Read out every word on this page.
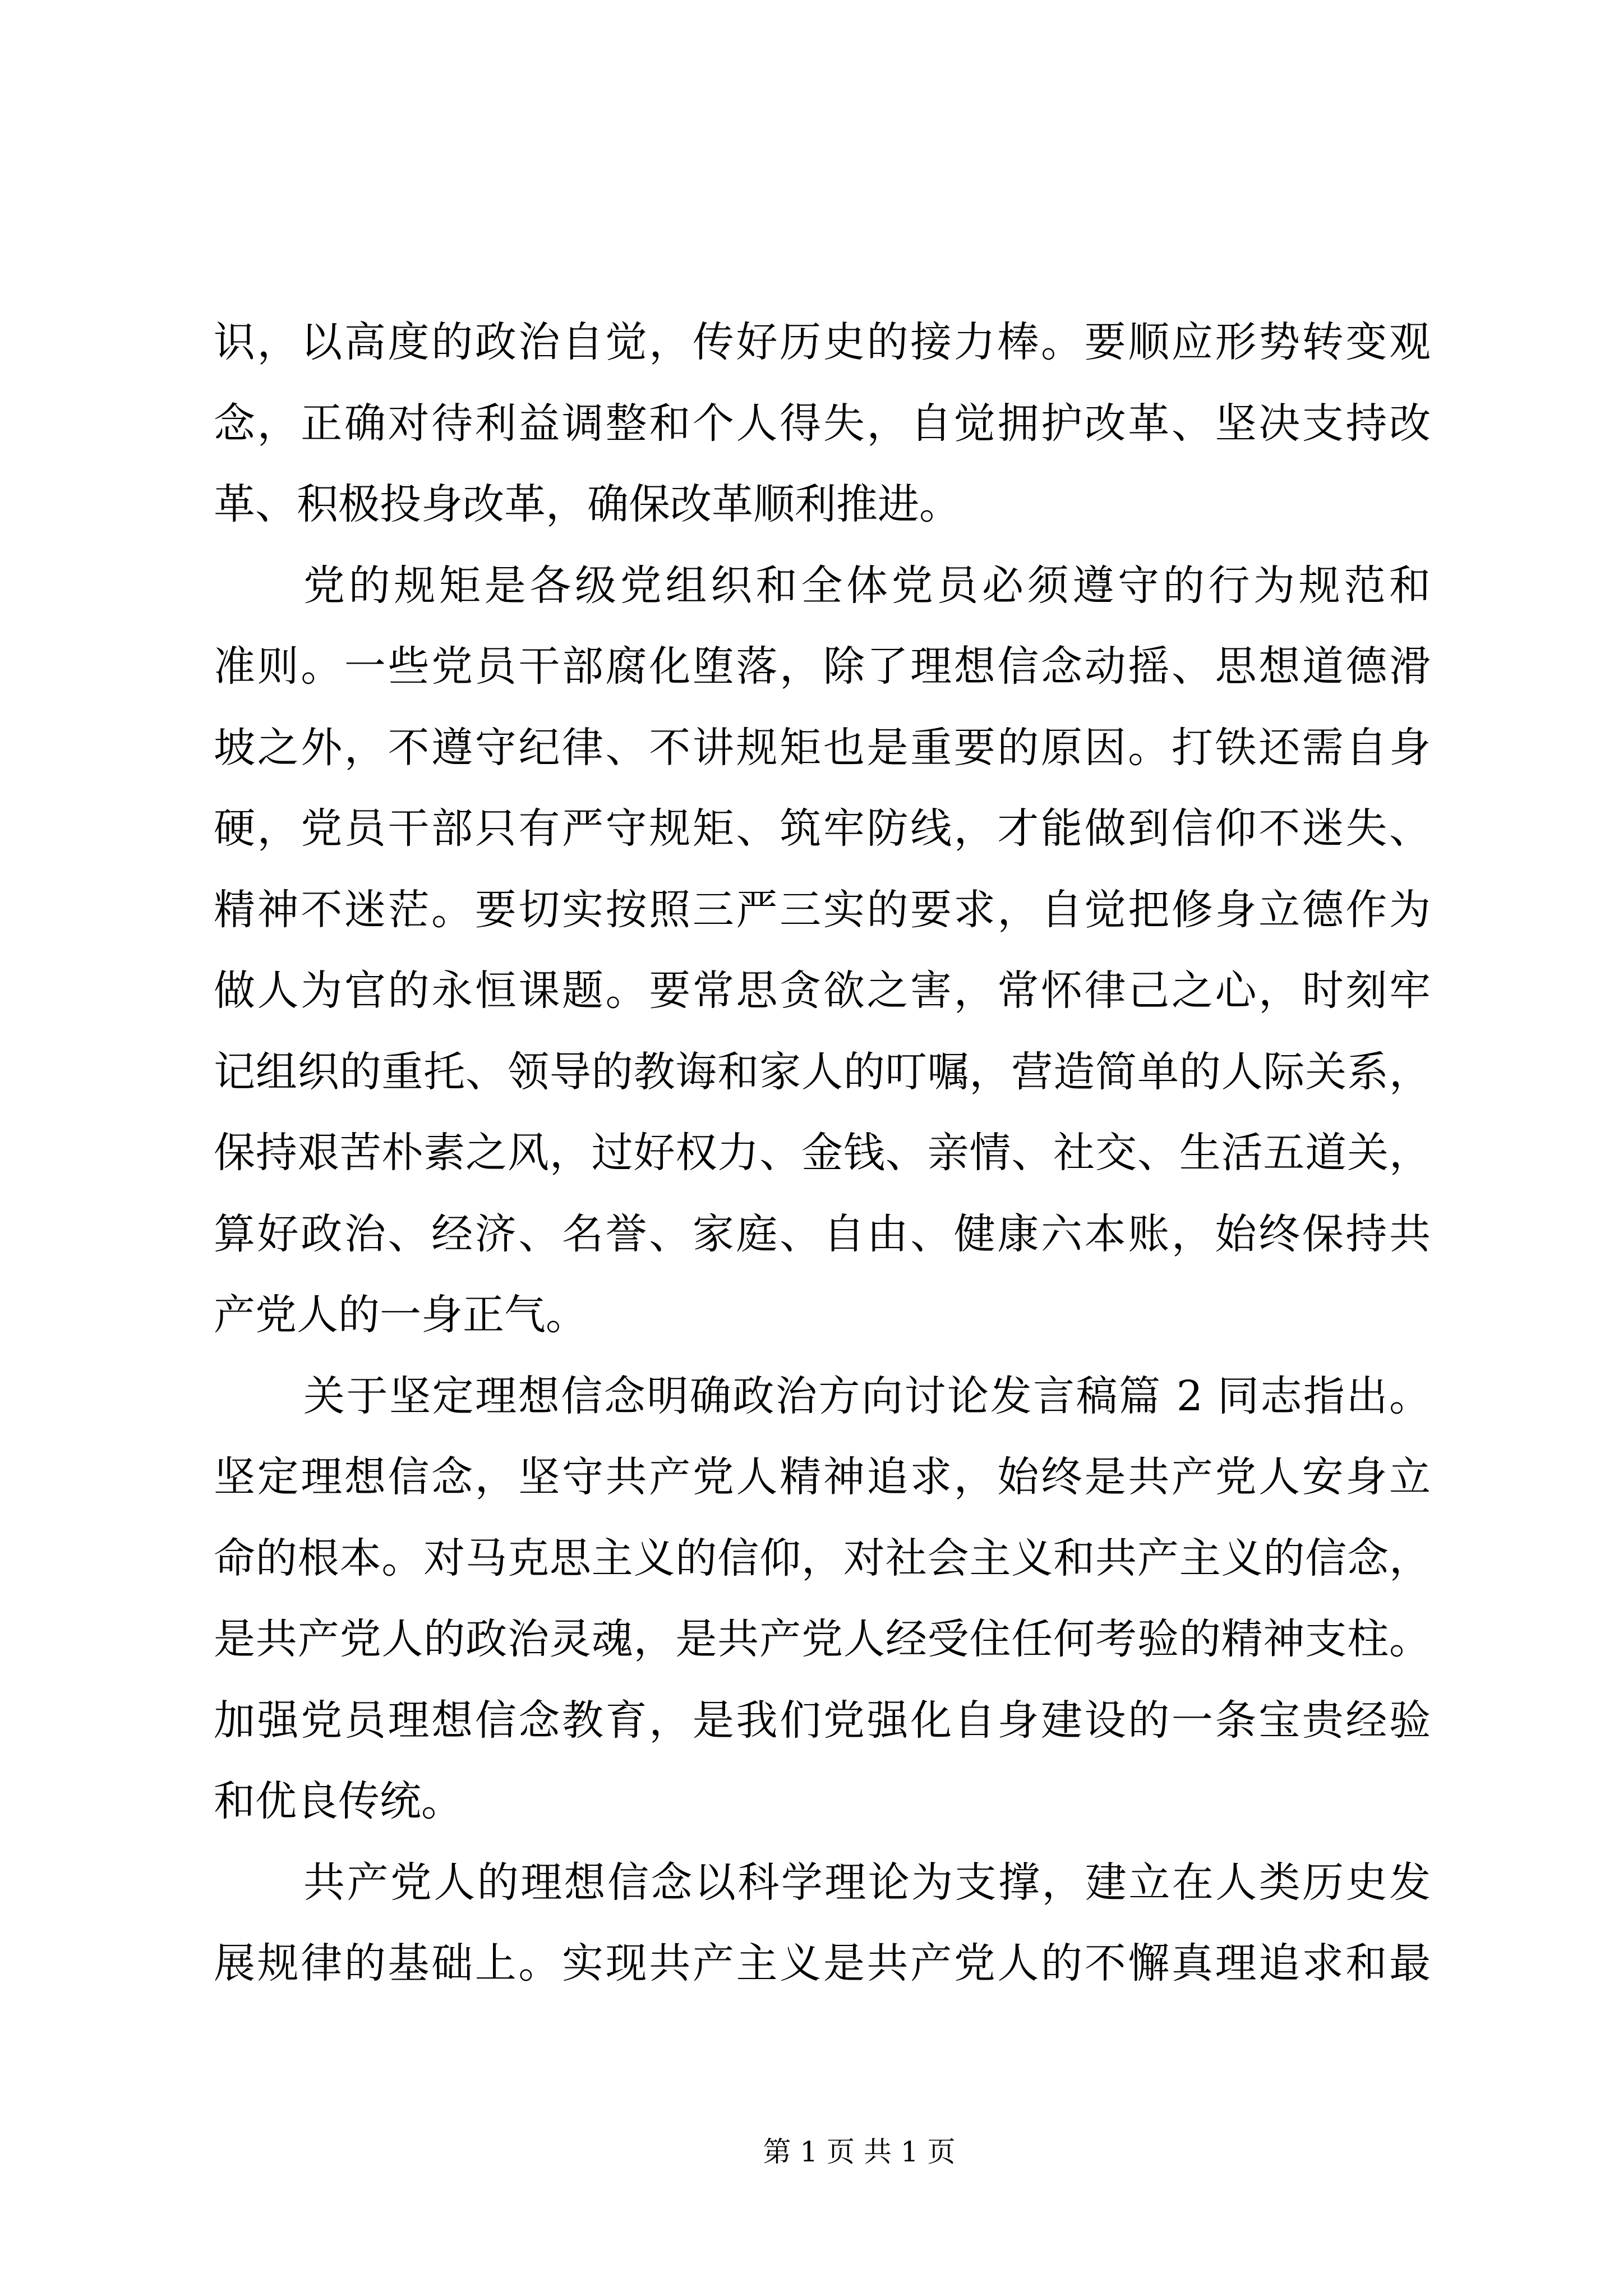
识，以高度的政治自觉，传好历史的接力棒。要顺应形势转变观
念，正确对待利益调整和个人得失，自觉拥护改革、坚决支持改
革、积极投身改革，确保改革顺利推进。
党的规矩是各级党组织和全体党员必须遵守的行为规范和
准则。一些党员干部腐化堕落，除了理想信念动摇、思想道德滑
坡之外，不遵守纪律、不讲规矩也是重要的原因。打铁还需自身
硬，党员干部只有严守规矩、筑牢防线，才能做到信仰不迷失、
精神不迷茫。要切实按照三严三实的要求，自觉把修身立德作为
做人为官的永恒课题。要常思贪欲之害，常怀律己之心，时刻牢
记组织的重托、领导的教诲和家人的叮嘱，营造简单的人际关系，
保持艰苦朴素之风，过好权力、金钱、亲情、社交、生活五道关，
算好政治、经济、名誉、家庭、自由、健康六本账，始终保持共
产党人的一身正气。
关于坚定理想信念明确政治方向讨论发言稿篇 2 同志指出。
坚定理想信念，坚守共产党人精神追求，始终是共产党人安身立
命的根本。对马克思主义的信仰，对社会主义和共产主义的信念，
是共产党人的政治灵魂，是共产党人经受住任何考验的精神支柱。
加强党员理想信念教育，是我们党强化自身建设的一条宝贵经验
和优良传统。
共产党人的理想信念以科学理论为支撑，建立在人类历史发
展规律的基础上。实现共产主义是共产党人的不懈真理追求和最
第 1 页 共 1 页
